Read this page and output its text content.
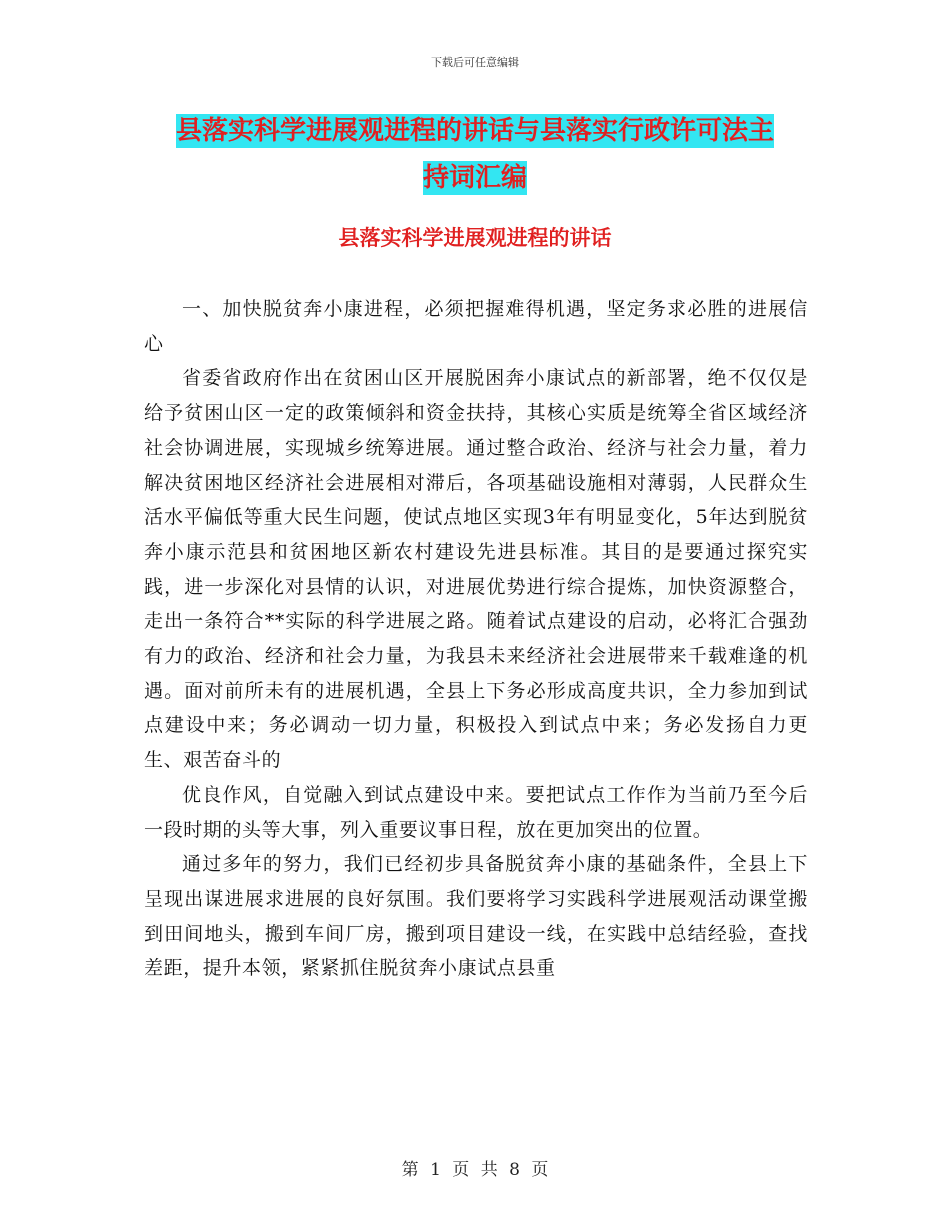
下载后可任意编辑
县落实科学进展观进程的讲话与县落实行政许可法主
持词汇编
县落实科学进展观进程的讲话

一、加快脱贫奔小康进程，必须把握难得机遇，坚定务求必胜的进展信心

省委省政府作出在贫困山区开展脱困奔小康试点的新部署，绝不仅仅是给予贫困山区一定的政策倾斜和资金扶持，其核心实质是统筹全省区域经济社会协调进展，实现城乡统筹进展。通过整合政治、经济与社会力量，着力解决贫困地区经济社会进展相对滞后，各项基础设施相对薄弱，人民群众生活水平偏低等重大民生问题，使试点地区实现3年有明显变化，5年达到脱贫奔小康示范县和贫困地区新农村建设先进县标准。其目的是要通过探究实践，进一步深化对县情的认识，对进展优势进行综合提炼，加快资源整合，走出一条符合**实际的科学进展之路。随着试点建设的启动，必将汇合强劲有力的政治、经济和社会力量，为我县未来经济社会进展带来千载难逢的机遇。面对前所未有的进展机遇，全县上下务必形成高度共识，全力参加到试点建设中来；务必调动一切力量，积极投入到试点中来；务必发扬自力更生、艰苦奋斗的

优良作风，自觉融入到试点建设中来。要把试点工作作为当前乃至今后一段时期的头等大事，列入重要议事日程，放在更加突出的位置。

通过多年的努力，我们已经初步具备脱贫奔小康的基础条件，全县上下呈现出谋进展求进展的良好氛围。我们要将学习实践科学进展观活动课堂搬到田间地头，搬到车间厂房，搬到项目建设一线，在实践中总结经验，查找差距，提升本领，紧紧抓住脱贫奔小康试点县重

第 1 页 共 8 页
